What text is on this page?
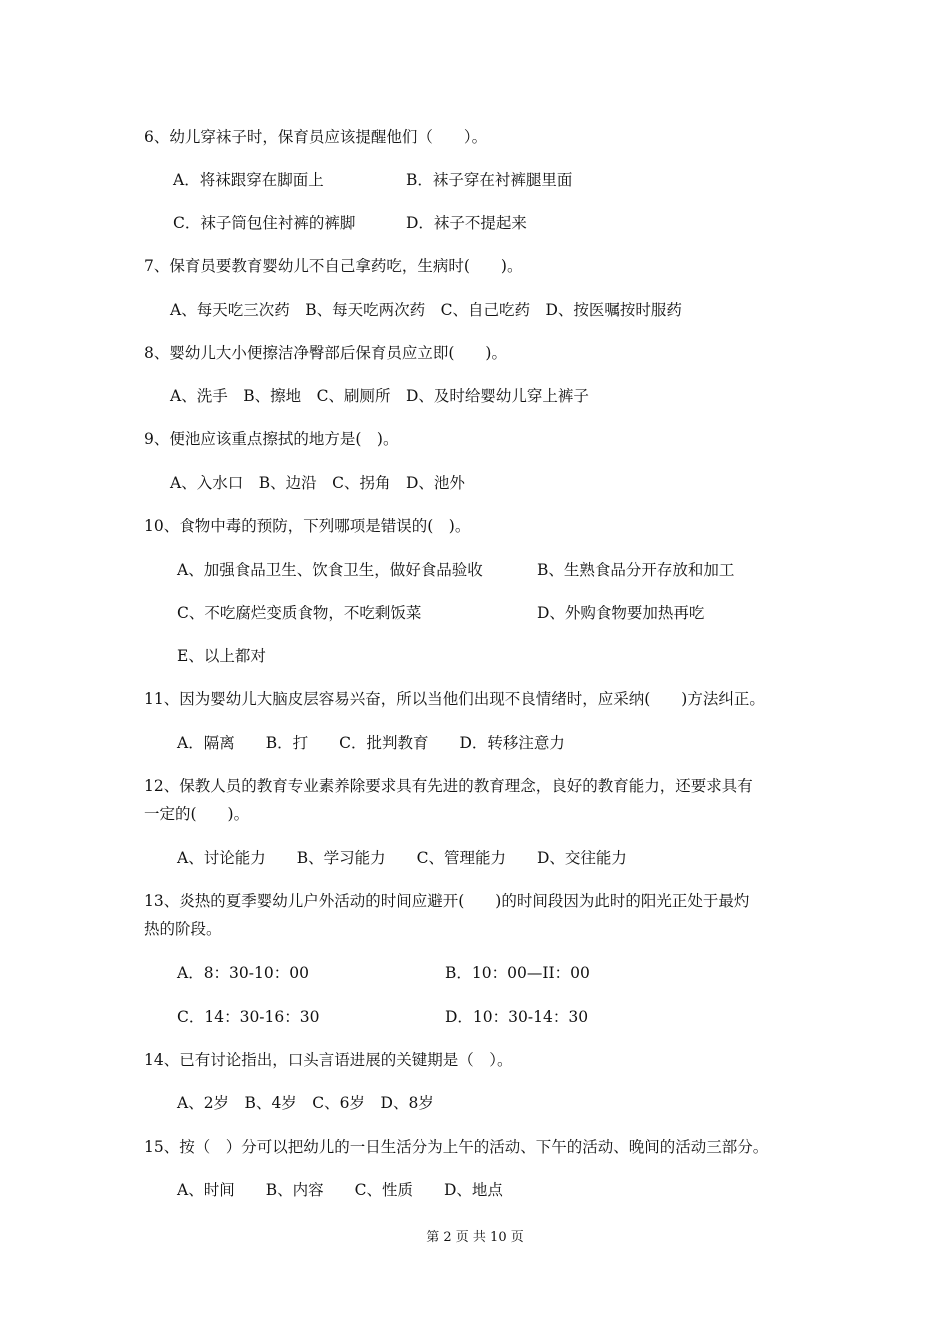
6、幼儿穿袜子时，保育员应该提醒他们（　　）。
A．将袜跟穿在脚面上	B．袜子穿在衬裤腿里面
C．袜子筒包住衬裤的裤脚	D．袜子不提起来
7、保育员要教育婴幼儿不自己拿药吃，生病时(　　)。
A、每天吃三次药　B、每天吃两次药　C、自己吃药　D、按医嘱按时服药
8、婴幼儿大小便擦洁净臀部后保育员应立即(　　)。
A、洗手　B、擦地　C、刷厕所　D、及时给婴幼儿穿上裤子
9、便池应该重点擦拭的地方是(　)。
A、入水口　B、边沿　C、拐角　D、池外
10、食物中毒的预防，下列哪项是错误的(　)。
A、加强食品卫生、饮食卫生，做好食品验收	B、生熟食品分开存放和加工
C、不吃腐烂变质食物，不吃剩饭菜	D、外购食物要加热再吃
E、以上都对
11、因为婴幼儿大脑皮层容易兴奋，所以当他们出现不良情绪时，应采纳(　　)方法纠正。
A．隔离　　B．打　　C．批判教育　　D．转移注意力
12、保教人员的教育专业素养除要求具有先进的教育理念，良好的教育能力，还要求具有
一定的(　　)。
A、讨论能力　　B、学习能力　　C、管理能力　　D、交往能力
13、炎热的夏季婴幼儿户外活动的时间应避开(　　)的时间段因为此时的阳光正处于最灼
热的阶段。
A．8：30-10：00	B．10：00—II：00
C．14：30-16：30	D．10：30-14：30
14、已有讨论指出，口头言语进展的关键期是（　）。
A、2岁　B、4岁　C、6岁　D、8岁
15、按（　）分可以把幼儿的一日生活分为上午的活动、下午的活动、晚间的活动三部分。
A、时间　　B、内容　　C、性质　　D、地点
第 2 页 共 10 页
